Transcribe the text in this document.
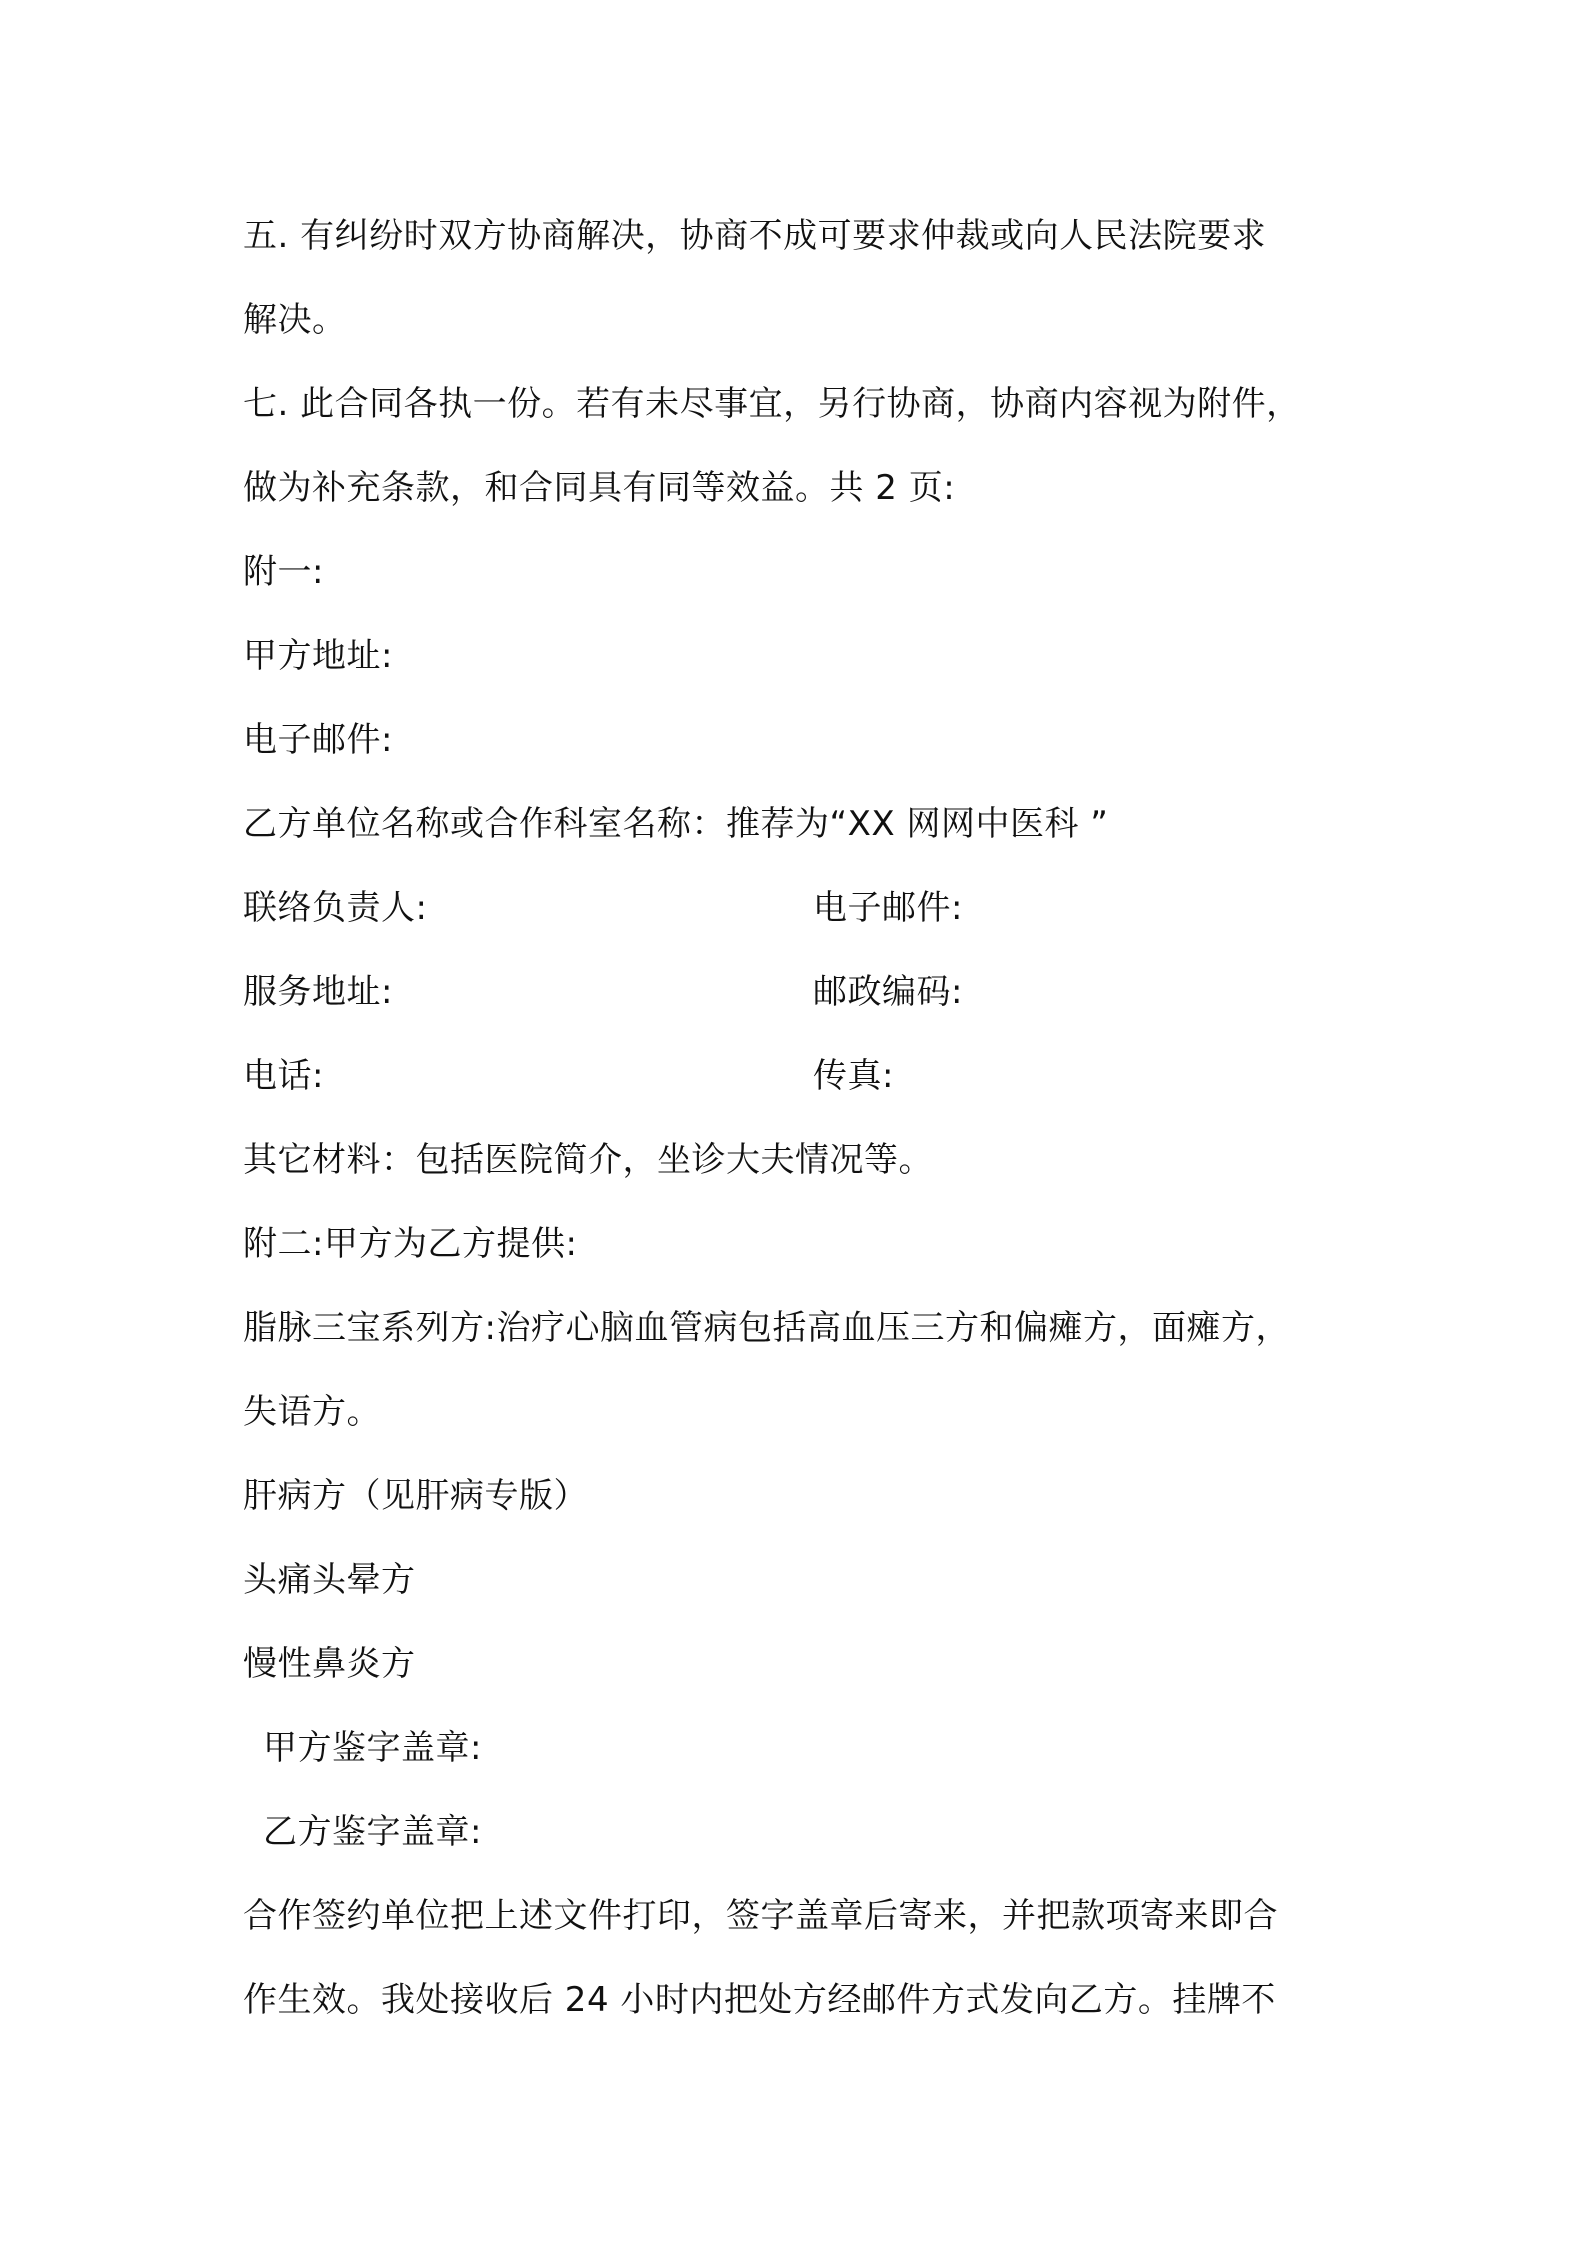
五. 有纠纷时双方协商解决，协商不成可要求仲裁或向人民法院要求
解决。
七. 此合同各执一份。若有未尽事宜，另行协商，协商内容视为附件，
做为补充条款，和合同具有同等效益。共 2 页:
附一:
甲方地址:
电子邮件:
乙方单位名称或合作科室名称：推荐为“XX 网网中医科 ”
联络负责人:	电子邮件:
服务地址:	邮政编码:
电话:	传真:
其它材料：包括医院简介，坐诊大夫情况等。
附二:甲方为乙方提供:
脂脉三宝系列方:治疗心脑血管病包括高血压三方和偏瘫方，面瘫方，
失语方。
肝病方（见肝病专版）
头痛头晕方
慢性鼻炎方
甲方鉴字盖章:
乙方鉴字盖章:
合作签约单位把上述文件打印，签字盖章后寄来，并把款项寄来即合
作生效。我处接收后 24 小时内把处方经邮件方式发向乙方。挂牌不
